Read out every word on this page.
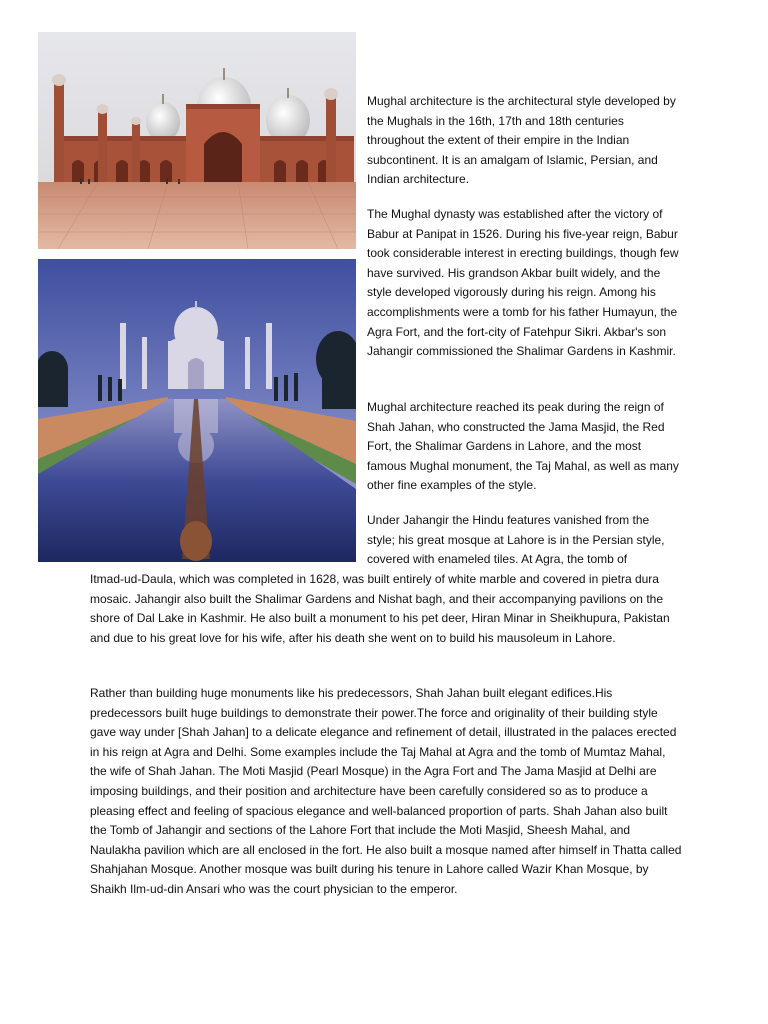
Mughal architecture is the architectural style developed by the Mughals in the 16th, 17th and 18th centuries throughout the extent of their empire in the Indian subcontinent. It is an amalgam of Islamic, Persian, and Indian architecture.

The Mughal dynasty was established after the victory of Babur at Panipat in 1526. During his five-year reign, Babur took considerable interest in erecting buildings, though few have survived. His grandson Akbar built widely, and the style developed vigorously during his reign. Among his accomplishments were a tomb for his father Humayun, the Agra Fort, and the fort-city of Fatehpur Sikri. Akbar's son Jahangir commissioned the Shalimar Gardens in Kashmir.

Mughal architecture reached its peak during the reign of Shah Jahan, who constructed the Jama Masjid, the Red Fort, the Shalimar Gardens in Lahore, and the most famous Mughal monument, the Taj Mahal, as well as many other fine examples of the style.

Under Jahangir the Hindu features vanished from the style; his great mosque at Lahore is in the Persian style, covered with enameled tiles. At Agra, the tomb of

Itmad-ud-Daula, which was completed in 1628, was built entirely of white marble and covered in pietra dura mosaic. Jahangir also built the Shalimar Gardens and Nishat bagh, and their accompanying pavilions on the shore of Dal Lake in Kashmir. He also built a monument to his pet deer, Hiran Minar in Sheikhupura, Pakistan and due to his great love for his wife, after his death she went on to build his mausoleum in Lahore.

Rather than building huge monuments like his predecessors, Shah Jahan built elegant edifices.His predecessors built huge buildings to demonstrate their power.The force and originality of their building style gave way under [Shah Jahan] to a delicate elegance and refinement of detail, illustrated in the palaces erected in his reign at Agra and Delhi. Some examples include the Taj Mahal at Agra and the tomb of Mumtaz Mahal, the wife of Shah Jahan. The Moti Masjid (Pearl Mosque) in the Agra Fort and The Jama Masjid at Delhi are imposing buildings, and their position and architecture have been carefully considered so as to produce a pleasing effect and feeling of spacious elegance and well-balanced proportion of parts. Shah Jahan also built the Tomb of Jahangir and sections of the Lahore Fort that include the Moti Masjid, Sheesh Mahal, and Naulakha pavilion which are all enclosed in the fort. He also built a mosque named after himself in Thatta called Shahjahan Mosque. Another mosque was built during his tenure in Lahore called Wazir Khan Mosque, by Shaikh Ilm-ud-din Ansari who was the court physician to the emperor.
